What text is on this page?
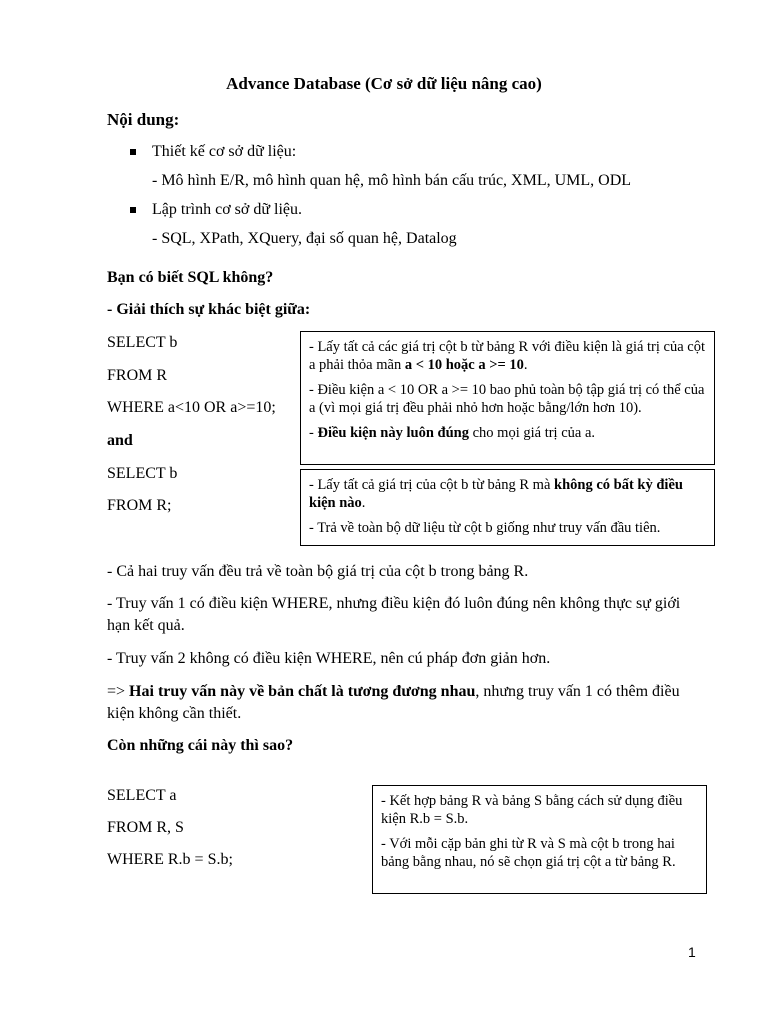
Advance Database (Cơ sở dữ liệu nâng cao)
Nội dung:
Thiết kế cơ sở dữ liệu:
- Mô hình E/R, mô hình quan hệ, mô hình bán cấu trúc, XML, UML, ODL
Lập trình cơ sở dữ liệu.
- SQL, XPath, XQuery, đại số quan hệ, Datalog
Bạn có biết SQL không?
- Giải thích sự khác biệt giữa:
SELECT b
FROM R
WHERE a<10 OR a>=10;
and
SELECT b
FROM R;

- Lấy tất cả các giá trị cột b từ bảng R với điều kiện là giá trị của cột a phải thỏa mãn a < 10 hoặc a >= 10.

- Điều kiện a < 10 OR a >= 10 bao phủ toàn bộ tập giá trị có thể của a (vì mọi giá trị đều phải nhỏ hơn hoặc bằng/lớn hơn 10).

- Điều kiện này luôn đúng cho mọi giá trị của a.

- Lấy tất cả giá trị của cột b từ bảng R mà không có bất kỳ điều kiện nào.

- Trả về toàn bộ dữ liệu từ cột b giống như truy vấn đầu tiên.

- Cả hai truy vấn đều trả về toàn bộ giá trị của cột b trong bảng R.
- Truy vấn 1 có điều kiện WHERE, nhưng điều kiện đó luôn đúng nên không thực sự giới hạn kết quả.
- Truy vấn 2 không có điều kiện WHERE, nên cú pháp đơn giản hơn.
=> Hai truy vấn này về bản chất là tương đương nhau, nhưng truy vấn 1 có thêm điều kiện không cần thiết.
Còn những cái này thì sao?
SELECT a
FROM R, S
WHERE R.b = S.b;

- Kết hợp bảng R và bảng S bằng cách sử dụng điều kiện R.b = S.b.

- Với mỗi cặp bản ghi từ R và S mà cột b trong hai bảng bằng nhau, nó sẽ chọn giá trị cột a từ bảng R.

1
